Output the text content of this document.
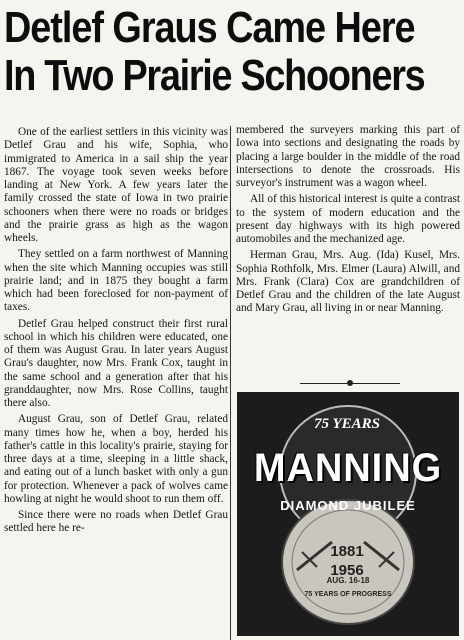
Detlef Graus Came Here
In Two Prairie Schooners

One of the earliest settlers in this vicinity was Detlef Grau and his wife, Sophia, who immigrated to America in a sail ship the year 1867. The voyage took seven weeks before landing at New York. A few years later the family crossed the state of Iowa in two prairie schooners when there were no roads or bridges and the prairie grass as high as the wagon wheels.

They settled on a farm northwest of Manning when the site which Manning occupies was still prairie land; and in 1875 they bought a farm which had been foreclosed for non-payment of taxes.

Detlef Grau helped construct their first rural school in which his children were educated, one of them was August Grau. In later years August Grau's daughter, now Mrs. Frank Cox, taught in the same school and a generation after that his granddaughter, now Mrs. Rose Collins, taught there also.

August Grau, son of Detlef Grau, related many times how he, when a boy, herded his father's cattle in this locality's prairie, staying for three days at a time, sleeping in a little shack, and eating out of a lunch basket with only a gun for protection. Whenever a pack of wolves came howling at night he would shoot to run them off.

Since there were no roads when Detlef Grau settled here he re-

membered the surveyers marking this part of Iowa into sections and designating the roads by placing a large boulder in the middle of the road intersections to denote the crossroads. His surveyor's instrument was a wagon wheel.

All of this historical interest is quite a contrast to the system of modern education and the present day highways with its high powered automobiles and the mechanized age.

Herman Grau, Mrs. Aug. (Ida) Kusel, Mrs. Sophia Rothfolk, Mrs. Elmer (Laura) Alwill, and Mrs. Frank (Clara) Cox are grandchildren of Detlef Grau and the children of the late August and Mary Grau, all living in or near Manning.

75 YEARS
MANNING
DIAMOND JUBILEE
1881
1956
AUG. 16-18
75 YEARS OF PROGRESS
